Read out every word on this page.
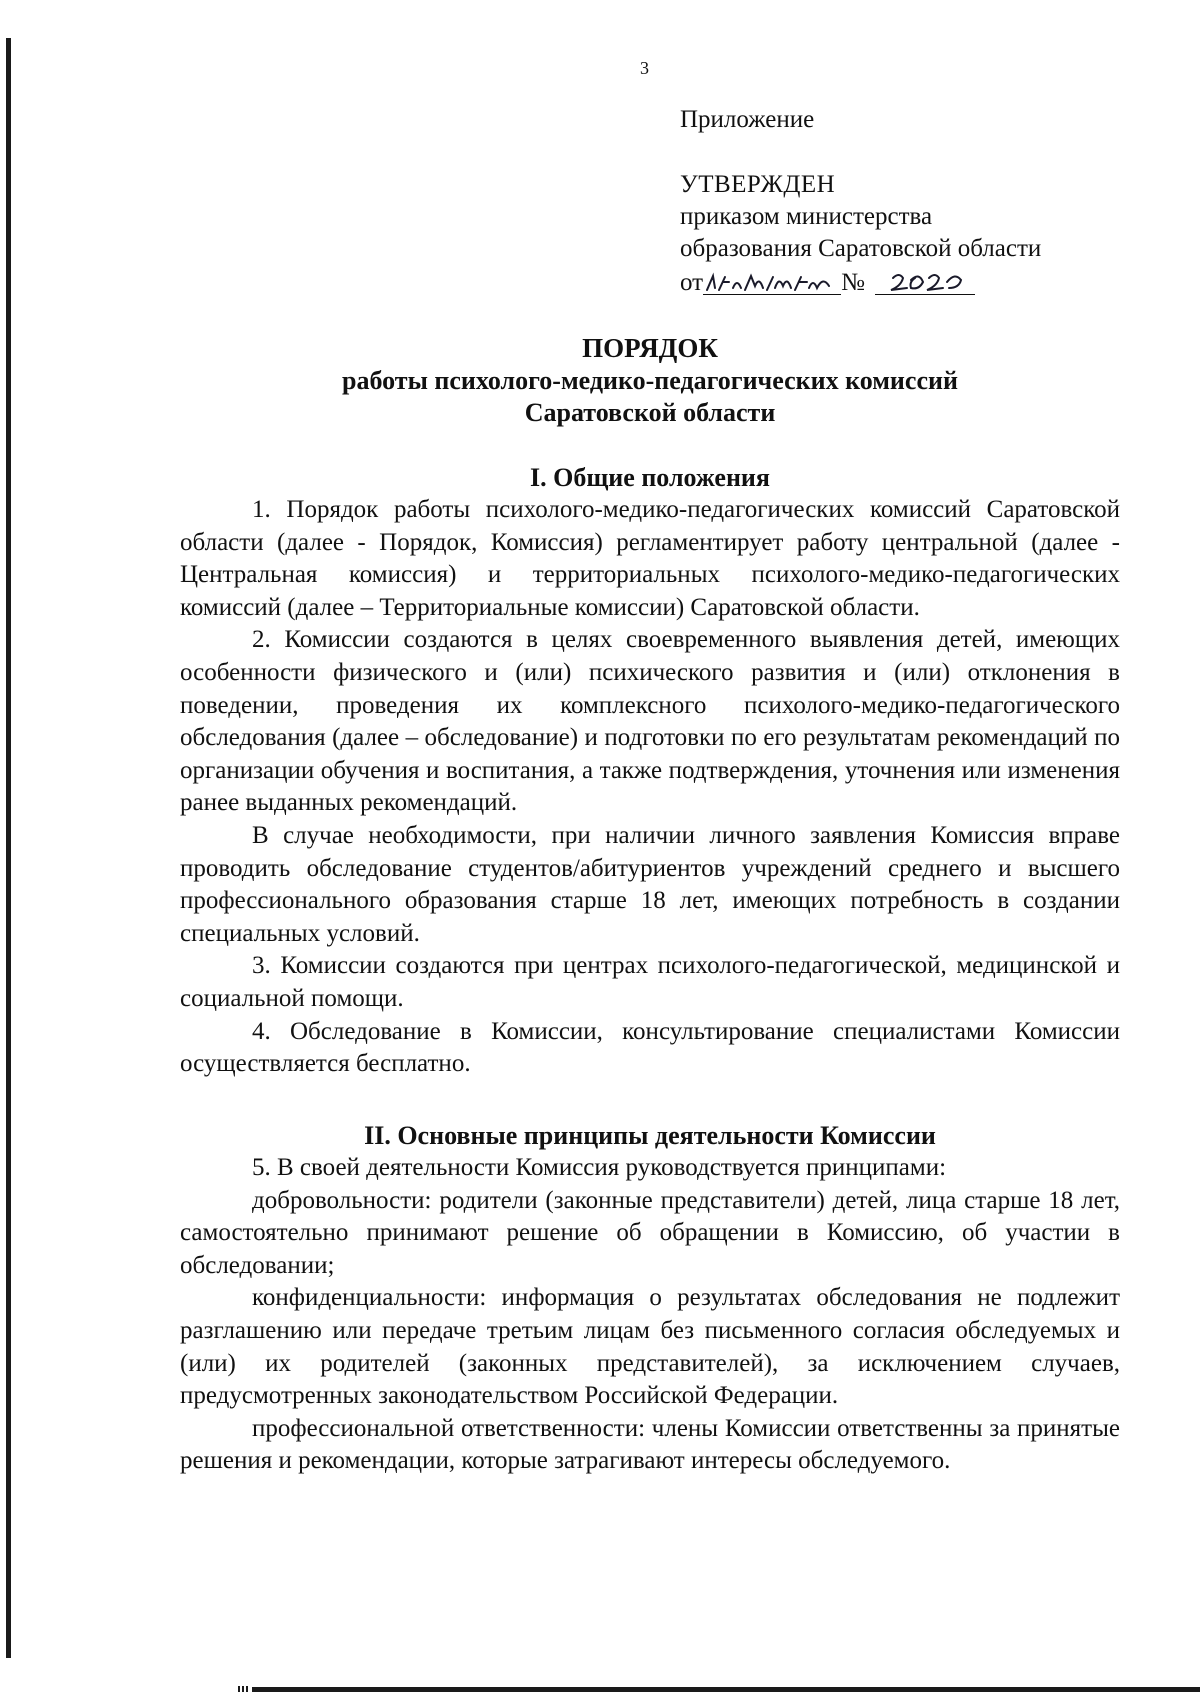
3
Приложение
УТВЕРЖДЕН
приказом министерства
образования Саратовской области
от	№
ПОРЯДОК
работы психолого-медико-педагогических комиссий
Саратовской области
I. Общие положения

1. Порядок работы психолого-медико-педагогических комиссий Саратовской области (далее - Порядок, Комиссия) регламентирует работу центральной (далее - Центральная комиссия) и территориальных психолого-медико-педагогических комиссий (далее – Территориальные комиссии) Саратовской области.

2. Комиссии создаются в целях своевременного выявления детей, имеющих особенности физического и (или) психического развития и (или) отклонения в поведении, проведения их комплексного психолого-медико-педагогического обследования (далее – обследование) и подготовки по его результатам рекомендаций по организации обучения и воспитания, а также подтверждения, уточнения или изменения ранее выданных рекомендаций.

В случае необходимости, при наличии личного заявления Комиссия вправе проводить обследование студентов/абитуриентов учреждений среднего и высшего профессионального образования старше 18 лет, имеющих потребность в создании специальных условий.

3. Комиссии создаются при центрах психолого-педагогической, медицинской и социальной помощи.

4. Обследование в Комиссии, консультирование специалистами Комиссии осуществляется бесплатно.

II. Основные принципы деятельности Комиссии

5. В своей деятельности Комиссия руководствуется принципами:

добровольности: родители (законные представители) детей, лица старше 18 лет, самостоятельно принимают решение об обращении в Комиссию, об участии в обследовании;

конфиденциальности: информация о результатах обследования не подлежит разглашению или передаче третьим лицам без письменного согласия обследуемых и (или) их родителей (законных представителей), за исключением случаев, предусмотренных законодательством Российской Федерации.

профессиональной ответственности: члены Комиссии ответственны за принятые решения и рекомендации, которые затрагивают интересы обследуемого.
